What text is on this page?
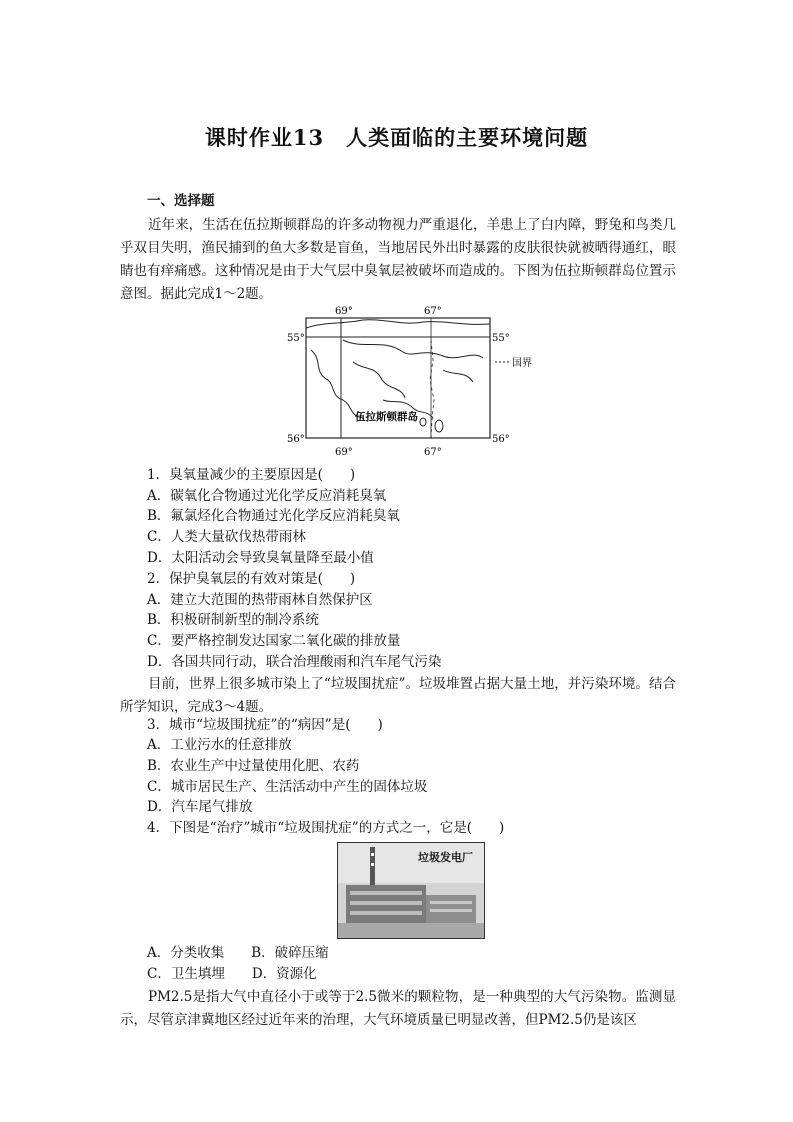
课时作业13　人类面临的主要环境问题
一、选择题
近年来，生活在伍拉斯顿群岛的许多动物视力严重退化，羊患上了白内障，野兔和鸟类几乎双目失明，渔民捕到的鱼大多数是盲鱼，当地居民外出时暴露的皮肤很快就被晒得通红，眼睛也有痒痛感。这种情况是由于大气层中臭氧层被破坏而造成的。下图为伍拉斯顿群岛位置示意图。据此完成1～2题。
国界
69°	67°
69°	67°
55°	55°
56°	56°
伍拉斯顿群岛
1．臭氧量减少的主要原因是(　　)
A．碳氧化合物通过光化学反应消耗臭氧
B．氟氯烃化合物通过光化学反应消耗臭氧
C．人类大量砍伐热带雨林
D．太阳活动会导致臭氧量降至最小值
2．保护臭氧层的有效对策是(　　)
A．建立大范围的热带雨林自然保护区
B．积极研制新型的制冷系统
C．要严格控制发达国家二氧化碳的排放量
D．各国共同行动，联合治理酸雨和汽车尾气污染
目前，世界上很多城市染上了“垃圾围扰症”。垃圾堆置占据大量土地，并污染环境。结合所学知识，完成3～4题。
3．城市“垃圾围扰症”的“病因”是(　　)
A．工业污水的任意排放
B．农业生产中过量使用化肥、农药
C．城市居民生产、生活活动中产生的固体垃圾
D．汽车尾气排放
4．下图是“治疗”城市“垃圾围扰症”的方式之一，它是(　　)
垃圾发电厂
A．分类收集　　B．破碎压缩
C．卫生填埋　　D．资源化
PM2.5是指大气中直径小于或等于2.5微米的颗粒物，是一种典型的大气污染物。监测显示，尽管京津冀地区经过近年来的治理，大气环境质量已明显改善，但PM2.5仍是该区
